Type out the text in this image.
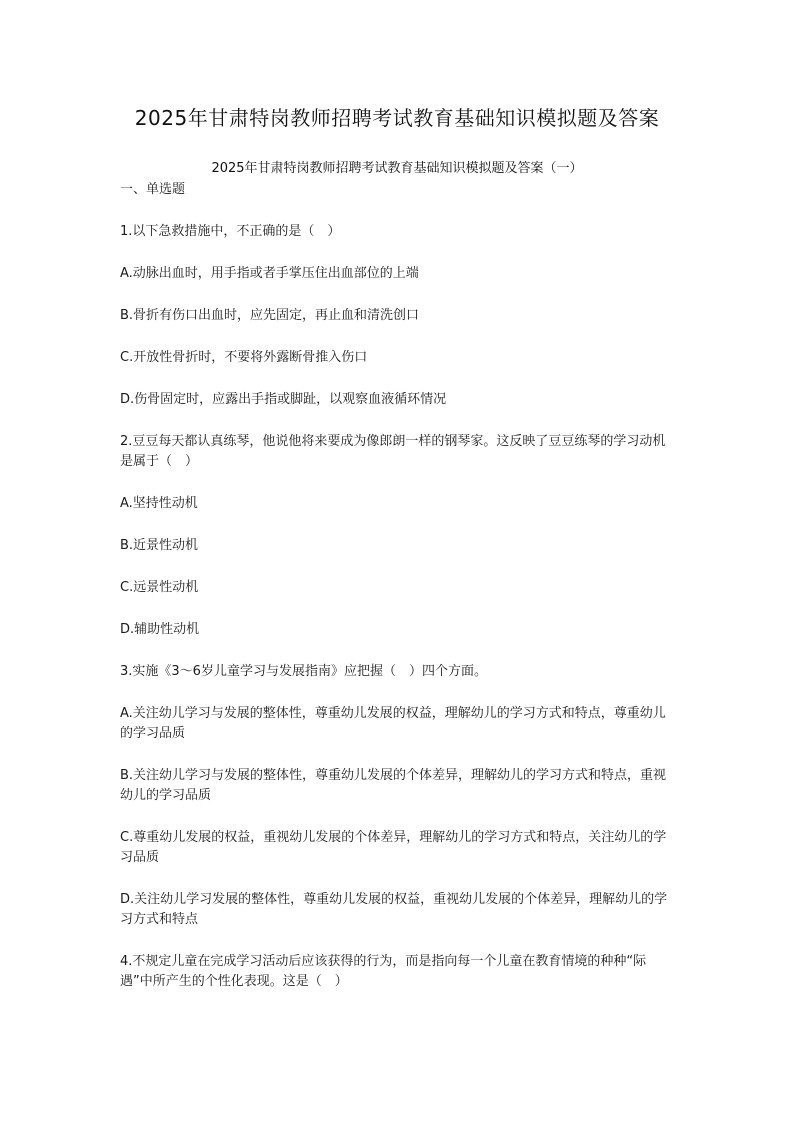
2025年甘肃特岗教师招聘考试教育基础知识模拟题及答案
2025年甘肃特岗教师招聘考试教育基础知识模拟题及答案（一）
一、单选题
1.以下急救措施中，不正确的是（　）
A.动脉出血时，用手指或者手掌压住出血部位的上端
B.骨折有伤口出血时，应先固定，再止血和清洗创口
C.开放性骨折时，不要将外露断骨推入伤口
D.伤骨固定时，应露出手指或脚趾，以观察血液循环情况
2.豆豆每天都认真练琴，他说他将来要成为像郎朗一样的钢琴家。这反映了豆豆练琴的学习动机是属于（　）
A.坚持性动机
B.近景性动机
C.远景性动机
D.辅助性动机
3.实施《3～6岁儿童学习与发展指南》应把握（　）四个方面。
A.关注幼儿学习与发展的整体性，尊重幼儿发展的权益，理解幼儿的学习方式和特点，尊重幼儿的学习品质
B.关注幼儿学习与发展的整体性，尊重幼儿发展的个体差异，理解幼儿的学习方式和特点，重视幼儿的学习品质
C.尊重幼儿发展的权益，重视幼儿发展的个体差异，理解幼儿的学习方式和特点，关注幼儿的学习品质
D.关注幼儿学习发展的整体性，尊重幼儿发展的权益，重视幼儿发展的个体差异，理解幼儿的学习方式和特点
4.不规定儿童在完成学习活动后应该获得的行为，而是指向每一个儿童在教育情境的种种“际遇”中所产生的个性化表现。这是（　）
